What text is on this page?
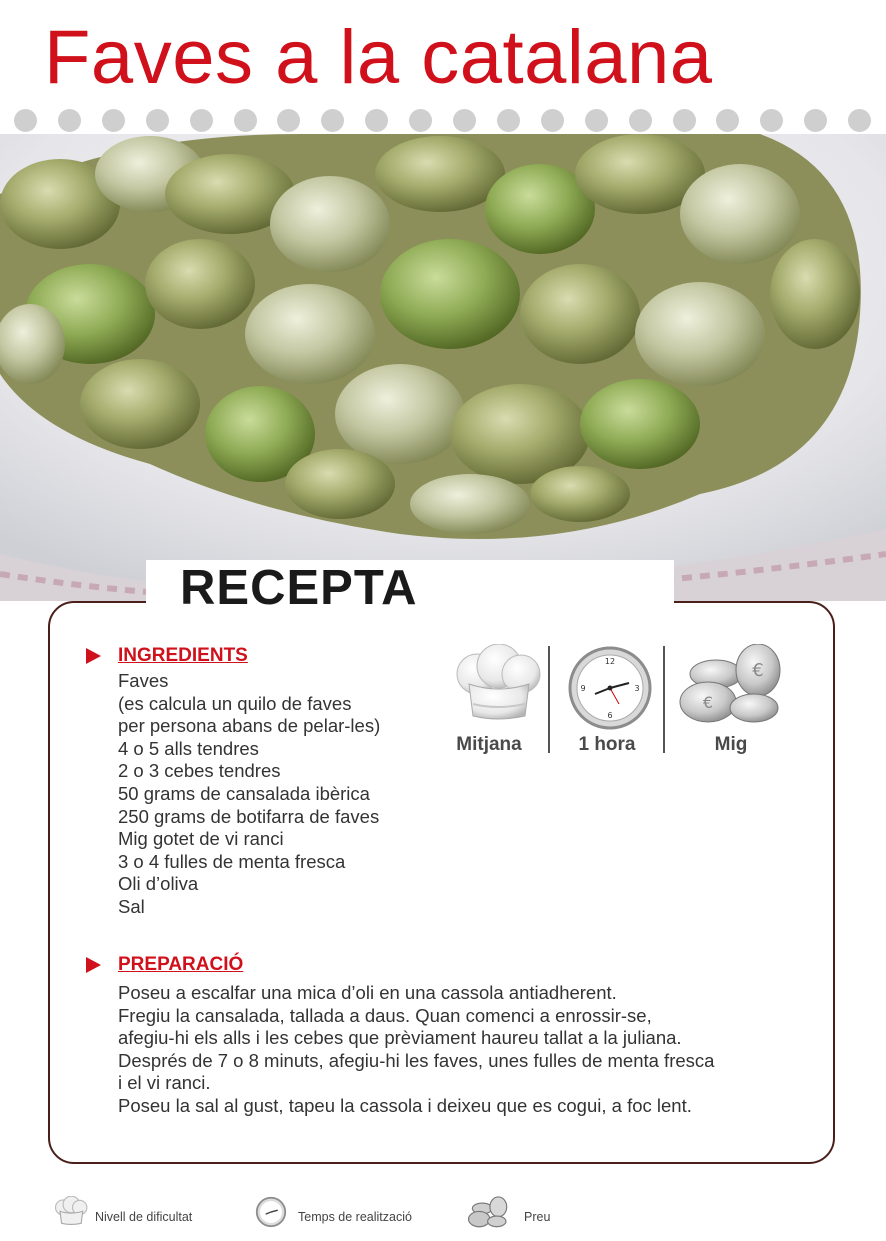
Faves a la catalana
RECEPTA
INGREDIENTS
Faves
(es calcula un quilo de faves
per persona abans de pelar-les)
4 o 5 alls tendres
2 o 3 cebes tendres
50 grams de cansalada ibèrica
250 grams de botifarra de faves
Mig gotet de vi ranci
3 o 4 fulles de menta fresca
Oli d’oliva
Sal
Mitjana
12
3
6
9
1 hora
€
€
Mig
PREPARACIÓ
Poseu a escalfar una mica d’oli en una cassola antiadherent.
Fregiu la cansalada, tallada a daus. Quan comenci a enrossir-se,
afegiu-hi els alls i les cebes que prèviament haureu tallat a la juliana.
Després de 7 o 8 minuts, afegiu-hi les faves, unes fulles de menta fresca
i el vi ranci.
Poseu la sal al gust, tapeu la cassola i deixeu que es cogui, a foc lent.
Nivell de dificultat	Temps de realització	Preu
